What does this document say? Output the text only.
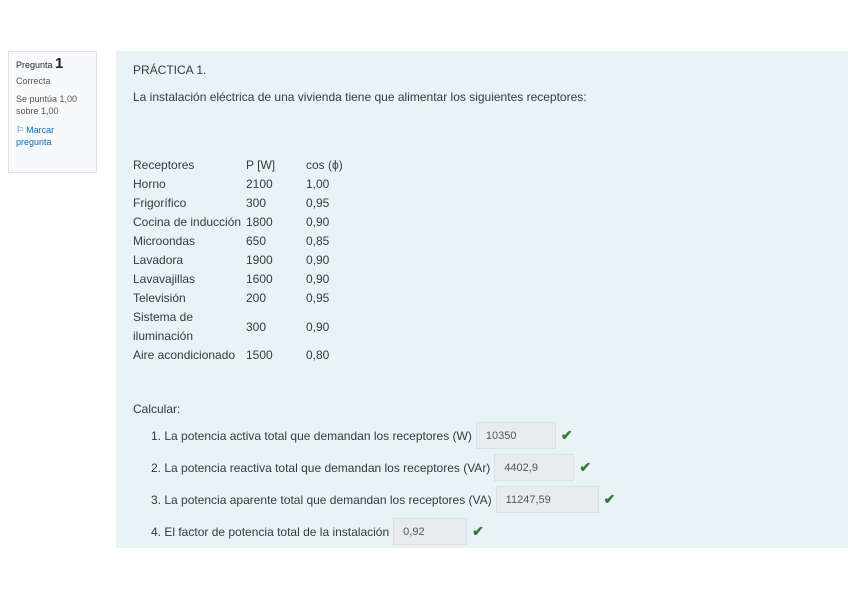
Pregunta 1
Correcta
Se puntúa 1,00 sobre 1,00
⚐ Marcar pregunta
PRÁCTICA 1.
La instalación eléctrica de una vivienda tiene que alimentar los siguientes receptores:
Receptores	P [W]	cos (ϕ)
Horno	2100	1,00
Frigorífico	300	0,95
Cocina de inducción	1800	0,90
Microondas	650	0,85
Lavadora	1900	0,90
Lavavajillas	1600	0,90
Televisión	200	0,95
Sistema de iluminación	300	0,90
Aire acondicionado	1500	0,80
Calcular:
1. La potencia activa total que demandan los receptores (W)	10350	✔
2. La potencia reactiva total que demandan los receptores (VAr)	4402,9	✔
3. La potencia aparente total que demandan los receptores (VA)	11247,59	✔
4. El factor de potencia total de la instalación	0,92	✔
